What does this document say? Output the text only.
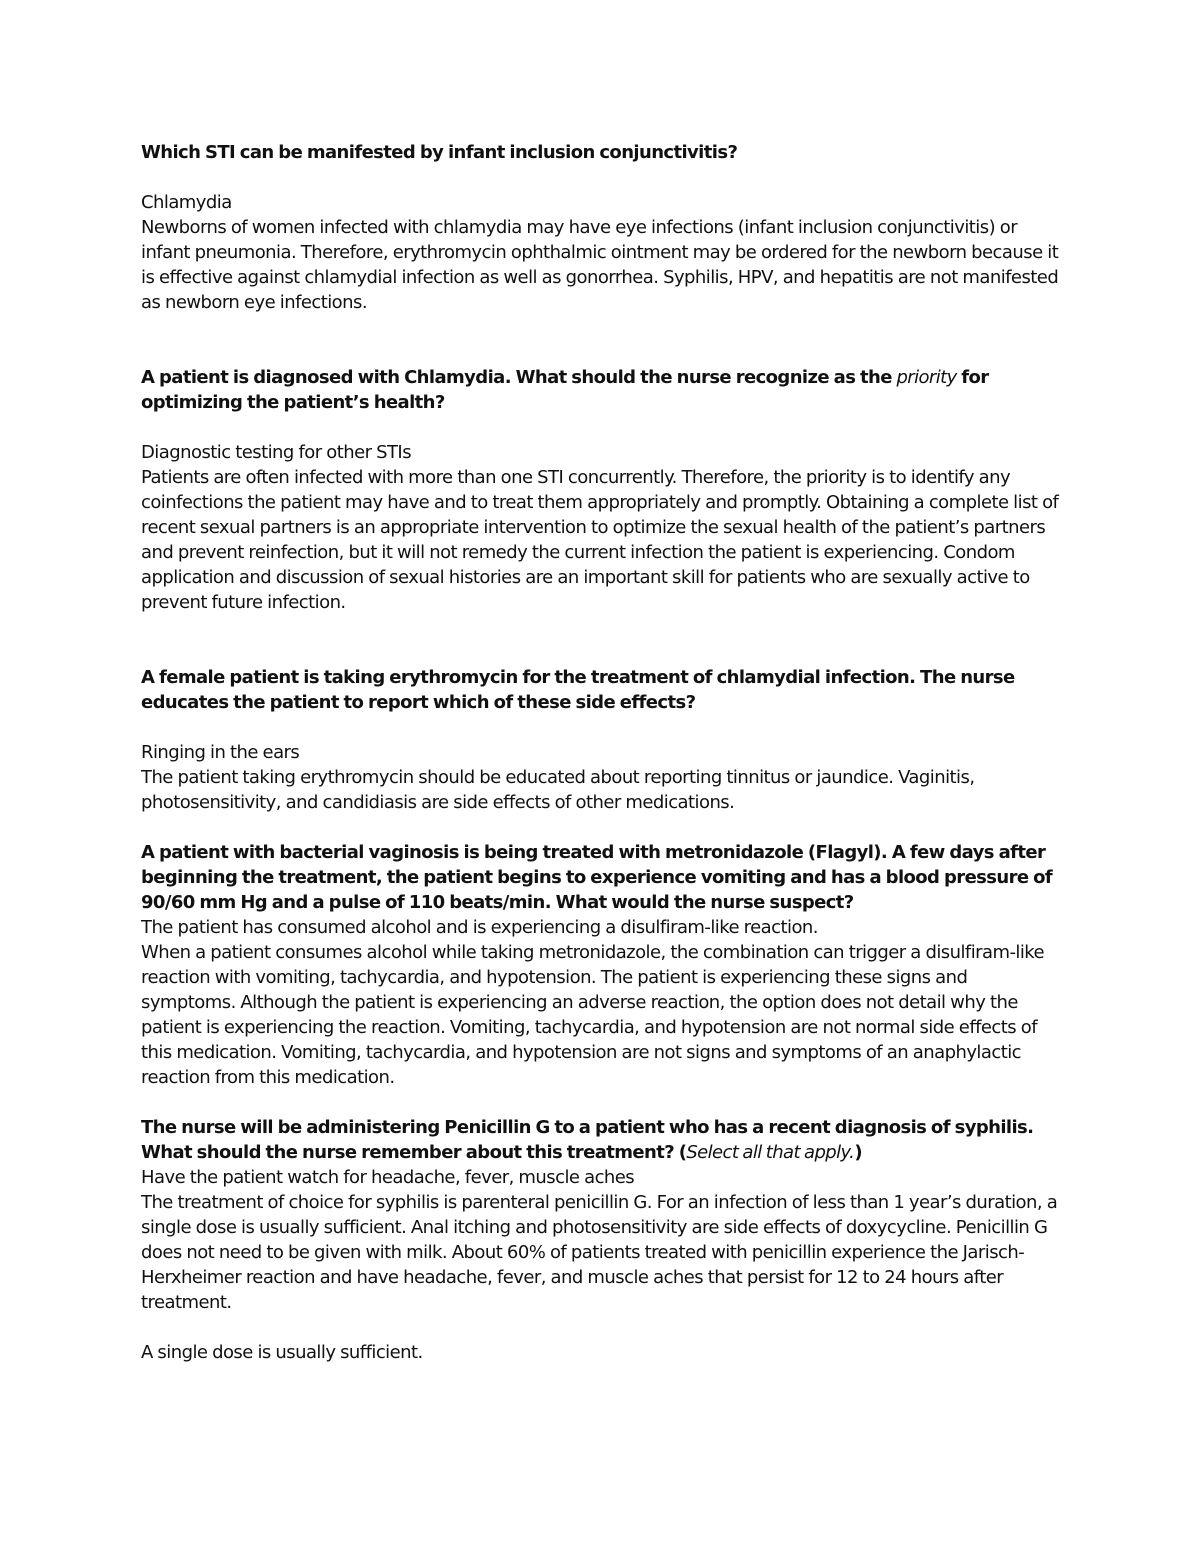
Which STI can be manifested by infant inclusion conjunctivitis?

Chlamydia

Newborns of women infected with chlamydia may have eye infections (infant inclusion conjunctivitis) or infant pneumonia. Therefore, erythromycin ophthalmic ointment may be ordered for the newborn because it is effective against chlamydial infection as well as gonorrhea. Syphilis, HPV, and hepatitis are not manifested as newborn eye infections.

A patient is diagnosed with Chlamydia. What should the nurse recognize as the priority for optimizing the patient’s health?

Diagnostic testing for other STIs

Patients are often infected with more than one STI concurrently. Therefore, the priority is to identify any coinfections the patient may have and to treat them appropriately and promptly. Obtaining a complete list of recent sexual partners is an appropriate intervention to optimize the sexual health of the patient’s partners and prevent reinfection, but it will not remedy the current infection the patient is experiencing. Condom application and discussion of sexual histories are an important skill for patients who are sexually active to prevent future infection.

A female patient is taking erythromycin for the treatment of chlamydial infection. The nurse educates the patient to report which of these side effects?

Ringing in the ears

The patient taking erythromycin should be educated about reporting tinnitus or jaundice. Vaginitis, photosensitivity, and candidiasis are side effects of other medications.

A patient with bacterial vaginosis is being treated with metronidazole (Flagyl). A few days after beginning the treatment, the patient begins to experience vomiting and has a blood pressure of 90/60 mm Hg and a pulse of 110 beats/min. What would the nurse suspect?

The patient has consumed alcohol and is experiencing a disulfiram-like reaction.

When a patient consumes alcohol while taking metronidazole, the combination can trigger a disulfiram-like reaction with vomiting, tachycardia, and hypotension. The patient is experiencing these signs and symptoms. Although the patient is experiencing an adverse reaction, the option does not detail why the patient is experiencing the reaction. Vomiting, tachycardia, and hypotension are not normal side effects of this medication. Vomiting, tachycardia, and hypotension are not signs and symptoms of an anaphylactic reaction from this medication.

The nurse will be administering Penicillin G to a patient who has a recent diagnosis of syphilis. What should the nurse remember about this treatment? (Select all that apply.)

Have the patient watch for headache, fever, muscle aches

The treatment of choice for syphilis is parenteral penicillin G. For an infection of less than 1 year’s duration, a single dose is usually sufficient. Anal itching and photosensitivity are side effects of doxycycline. Penicillin G does not need to be given with milk. About 60% of patients treated with penicillin experience the Jarisch-Herxheimer reaction and have headache, fever, and muscle aches that persist for 12 to 24 hours after treatment.

A single dose is usually sufficient.
